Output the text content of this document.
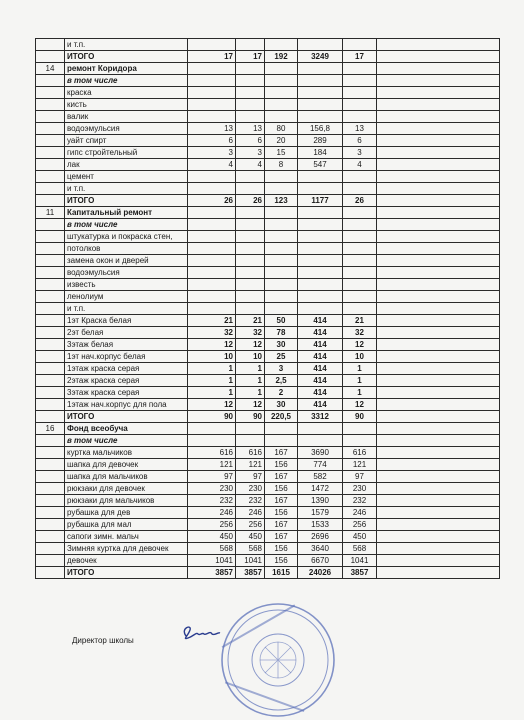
	и т.п.						
	ИТОГО	17	17	192	3249	17	
14	ремонт Коридора						
	в том числе						
	краска						
	кисть						
	валик						
	водоэмульсия	13	13	80	156,8	13	
	уайт спирт	6	6	20	289	6	
	гипс стройтельный	3	3	15	184	3	
	лак	4	4	8	547	4	
	цемент						
	и т.п.						
	ИТОГО	26	26	123	1177	26	
11	Капитальный ремонт						
	в том числе						
	штукатурка и покраска стен,						
	потолков						
	замена окон и дверей						
	водоэмульсия						
	известь						
	ленолиум						
	и т.п.						
	1эт Краска белая	21	21	50	414	21	
	2эт белая	32	32	78	414	32	
	3этаж белая	12	12	30	414	12	
	1эт нач.корпус белая	10	10	25	414	10	
	1этаж краска серая	1	1	3	414	1	
	2этаж краска серая	1	1	2,5	414	1	
	3этаж краска серая	1	1	2	414	1	
	1этаж нач.корпус для пола	12	12	30	414	12	
	ИТОГО	90	90	220,5	3312	90	
16	Фонд всеобуча						
	в том числе						
	куртка мальчиков	616	616	167	3690	616	
	шапка для девочек	121	121	156	774	121	
	шапка для мальчиков	97	97	167	582	97	
	рюкзаки для девочек	230	230	156	1472	230	
	рюкзаки для мальчиков	232	232	167	1390	232	
	рубашка для дев	246	246	156	1579	246	
	рубашка для мал	256	256	167	1533	256	
	сапоги зимн. мальч	450	450	167	2696	450	
	Зимняя куртка для девочек	568	568	156	3640	568	
	девочек	1041	1041	156	6670	1041	
	ИТОГО	3857	3857	1615	24026	3857	
Директор школы
